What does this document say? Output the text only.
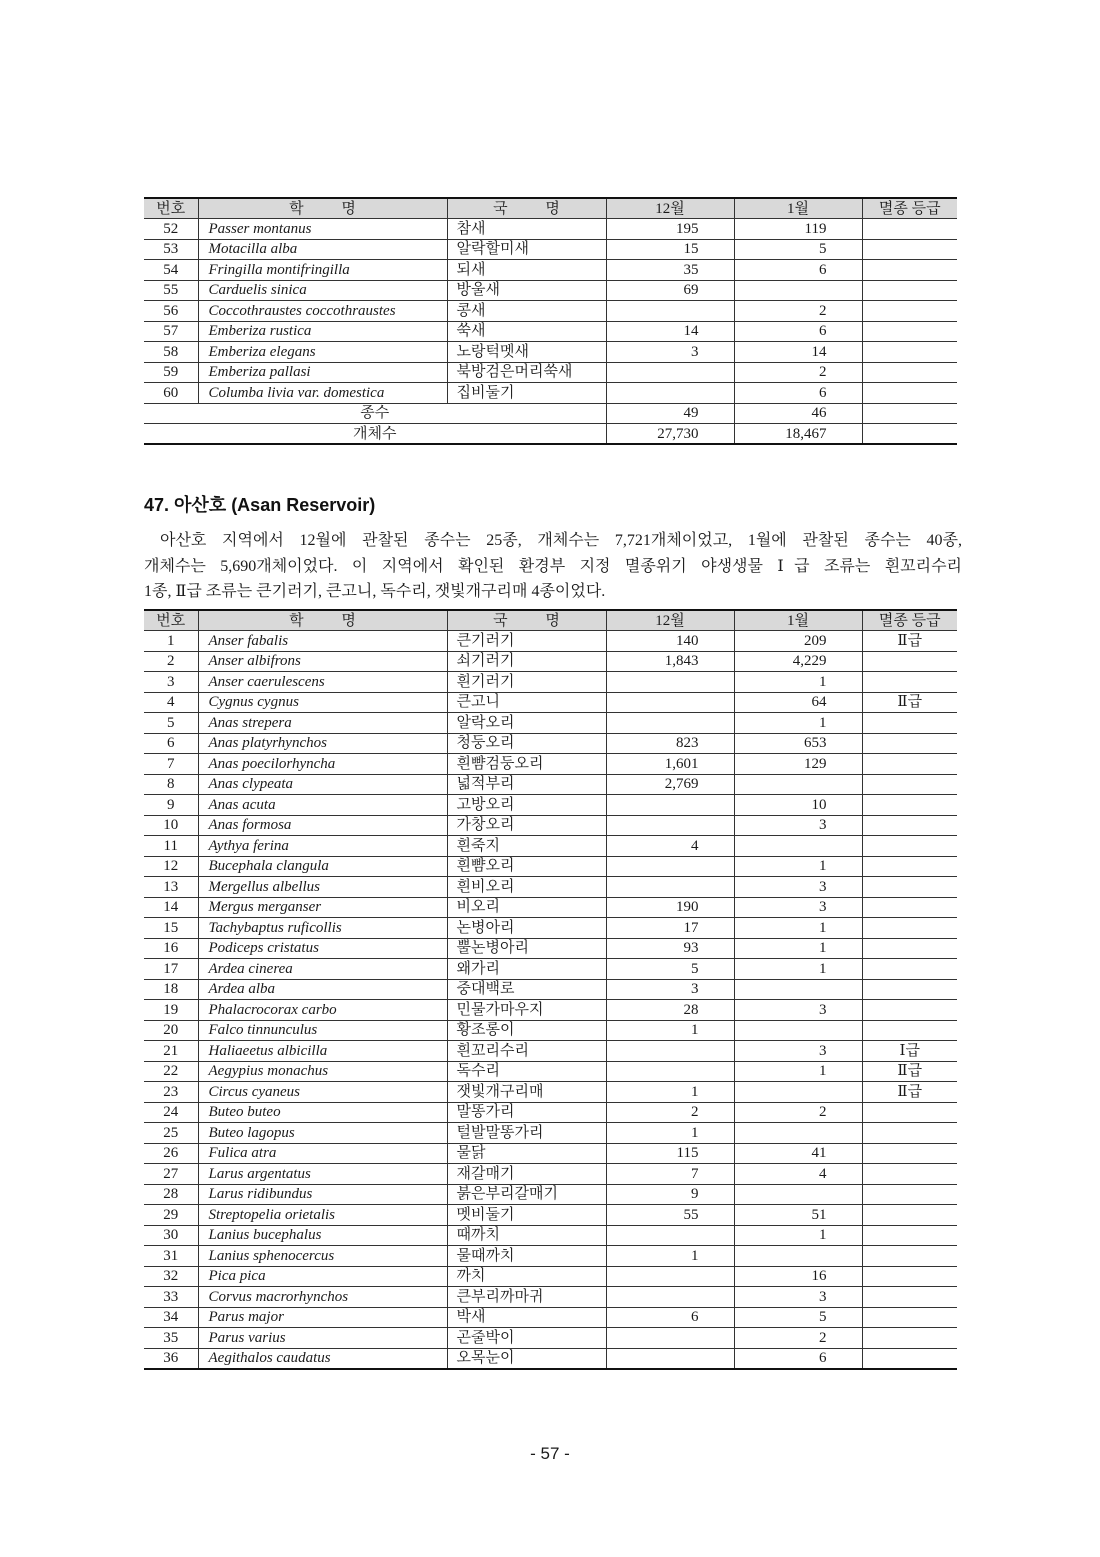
번호	학 명	국 명	12월	1월	멸종 등급
52	Passer montanus	참새	195	119	
53	Motacilla alba	알락할미새	15	5	
54	Fringilla montifringilla	되새	35	6	
55	Carduelis sinica	방울새	69		
56	Coccothraustes coccothraustes	콩새		2	
57	Emberiza rustica	쑥새	14	6	
58	Emberiza elegans	노랑턱멧새	3	14	
59	Emberiza pallasi	북방검은머리쑥새		2	
60	Columba livia var. domestica	집비둘기		6	
종수			49	46	
개체수			27,730	18,467	
47. 아산호 (Asan Reservoir)
아산호 지역에서 12월에 관찰된 종수는 25종, 개체수는 7,721개체이었고, 1월에 관찰된 종수는 40종,
개체수는 5,690개체이었다. 이 지역에서 확인된 환경부 지정 멸종위기 야생생물 Ⅰ급 조류는 흰꼬리수리
1종, Ⅱ급 조류는 큰기러기, 큰고니, 독수리, 잿빛개구리매 4종이었다.
번호	학 명	국 명	12월	1월	멸종 등급
1	Anser fabalis	큰기러기	140	209	Ⅱ급
2	Anser albifrons	쇠기러기	1,843	4,229	
3	Anser caerulescens	흰기러기		1	
4	Cygnus cygnus	큰고니		64	Ⅱ급
5	Anas strepera	알락오리		1	
6	Anas platyrhynchos	청둥오리	823	653	
7	Anas poecilorhyncha	흰뺨검둥오리	1,601	129	
8	Anas clypeata	넓적부리	2,769		
9	Anas acuta	고방오리		10	
10	Anas formosa	가창오리		3	
11	Aythya ferina	흰죽지	4		
12	Bucephala clangula	흰뺨오리		1	
13	Mergellus albellus	흰비오리		3	
14	Mergus merganser	비오리	190	3	
15	Tachybaptus ruficollis	논병아리	17	1	
16	Podiceps cristatus	뿔논병아리	93	1	
17	Ardea cinerea	왜가리	5	1	
18	Ardea alba	중대백로	3		
19	Phalacrocorax carbo	민물가마우지	28	3	
20	Falco tinnunculus	황조롱이	1		
21	Haliaeetus albicilla	흰꼬리수리		3	Ⅰ급
22	Aegypius monachus	독수리		1	Ⅱ급
23	Circus cyaneus	잿빛개구리매	1		Ⅱ급
24	Buteo buteo	말똥가리	2	2	
25	Buteo lagopus	털발말똥가리	1		
26	Fulica atra	물닭	115	41	
27	Larus argentatus	재갈매기	7	4	
28	Larus ridibundus	붉은부리갈매기	9		
29	Streptopelia orietalis	멧비둘기	55	51	
30	Lanius bucephalus	때까치		1	
31	Lanius sphenocercus	물때까치	1		
32	Pica pica	까치		16	
33	Corvus macrorhynchos	큰부리까마귀		3	
34	Parus major	박새	6	5	
35	Parus varius	곤줄박이		2	
36	Aegithalos caudatus	오목눈이		6	
- 57 -
